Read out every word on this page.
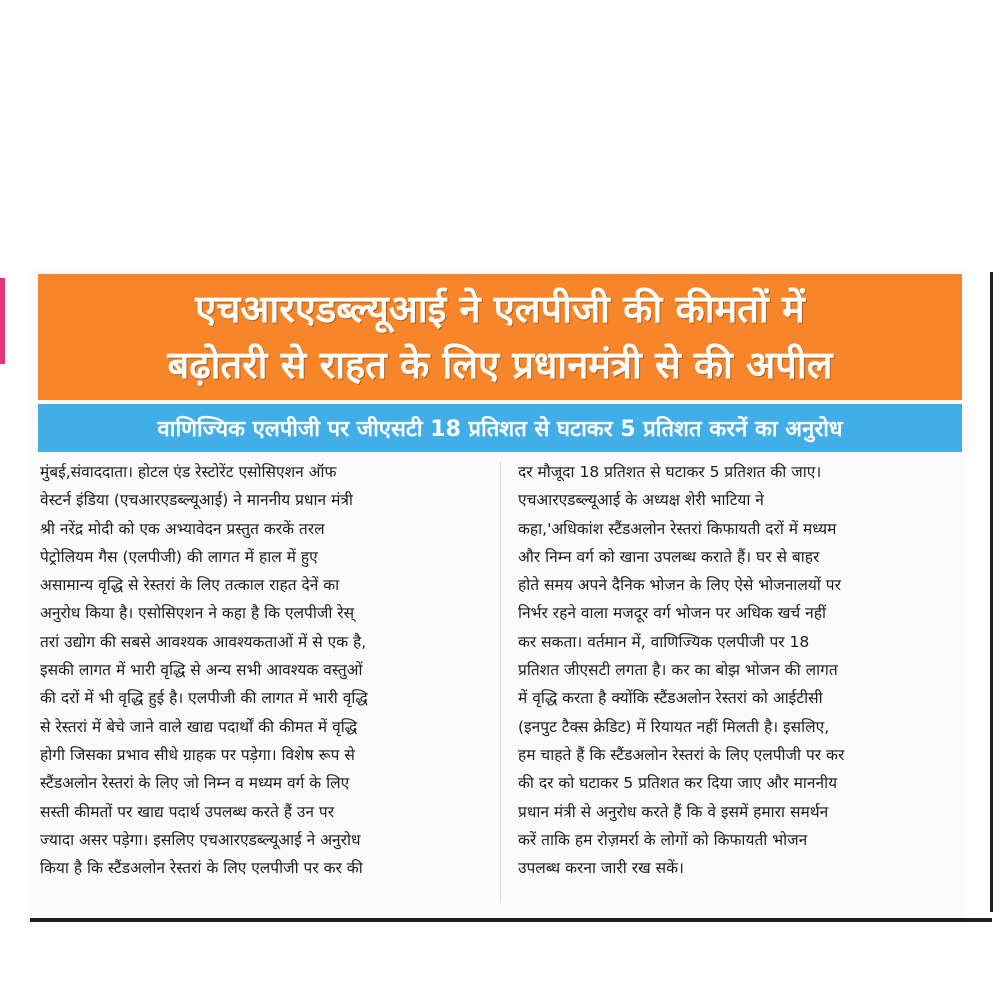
एचआरएडब्ल्यूआई ने एलपीजी की कीमतों में
बढ़ोतरी से राहत के लिए प्रधानमंत्री से की अपील
वाणिज्यिक एलपीजी पर जीएसटी 18 प्रतिशत से घटाकर 5 प्रतिशत करनें का अनुरोध
मुंबई,संवाददाता। होटल एंड रेस्टोरेंट एसोसिएशन ऑफ
वेस्टर्न इंडिया (एचआरएडब्ल्यूआई) ने माननीय प्रधान मंत्री
श्री नरेंद्र मोदी को एक अभ्यावेदन प्रस्तुत करकें तरल
पेट्रोलियम गैस (एलपीजी) की लागत में हाल में हुए
असामान्य वृद्धि से रेस्तरां के लिए तत्काल राहत देनें का
अनुरोध किया है। एसोसिएशन ने कहा है कि एलपीजी रेस्
तरां उद्योग की सबसे आवश्यक आवश्यकताओं में से एक है,
इसकी लागत में भारी वृद्धि से अन्य सभी आवश्यक वस्तुओं
की दरों में भी वृद्धि हुई है। एलपीजी की लागत में भारी वृद्धि
से रेस्तरां में बेचे जाने वाले खाद्य पदार्थों की कीमत में वृद्धि
होगी जिसका प्रभाव सीधे ग्राहक पर पड़ेगा। विशेष रूप से
स्टैंडअलोन रेस्तरां के लिए जो निम्न व मध्यम वर्ग के लिए
सस्ती कीमतों पर खाद्य पदार्थ उपलब्ध करते हैं उन पर
ज्यादा असर पड़ेगा। इसलिए एचआरएडब्ल्यूआई ने अनुरोध
किया है कि स्टैंडअलोन रेस्तरां के लिए एलपीजी पर कर की
दर मौजूदा 18 प्रतिशत से घटाकर 5 प्रतिशत की जाए।
एचआरएडब्ल्यूआई के अध्यक्ष शेरी भाटिया ने
कहा,'अधिकांश स्टैंडअलोन रेस्तरां किफायती दरों में मध्यम
और निम्न वर्ग को खाना उपलब्ध कराते हैं। घर से बाहर
होते समय अपने दैनिक भोजन के लिए ऐसे भोजनालयों पर
निर्भर रहने वाला मजदूर वर्ग भोजन पर अधिक खर्च नहीं
कर सकता। वर्तमान में, वाणिज्यिक एलपीजी पर 18
प्रतिशत जीएसटी लगता है। कर का बोझ भोजन की लागत
में वृद्धि करता है क्योंकि स्टैंडअलोन रेस्तरां को आईटीसी
(इनपुट टैक्स क्रेडिट) में रियायत नहीं मिलती है। इसलिए,
हम चाहते हैं कि स्टैंडअलोन रेस्तरां के लिए एलपीजी पर कर
की दर को घटाकर 5 प्रतिशत कर दिया जाए और माननीय
प्रधान मंत्री से अनुरोध करते हैं कि वे इसमें हमारा समर्थन
करें ताकि हम रोज़मर्रा के लोगों को किफायती भोजन
उपलब्ध करना जारी रख सकें।
